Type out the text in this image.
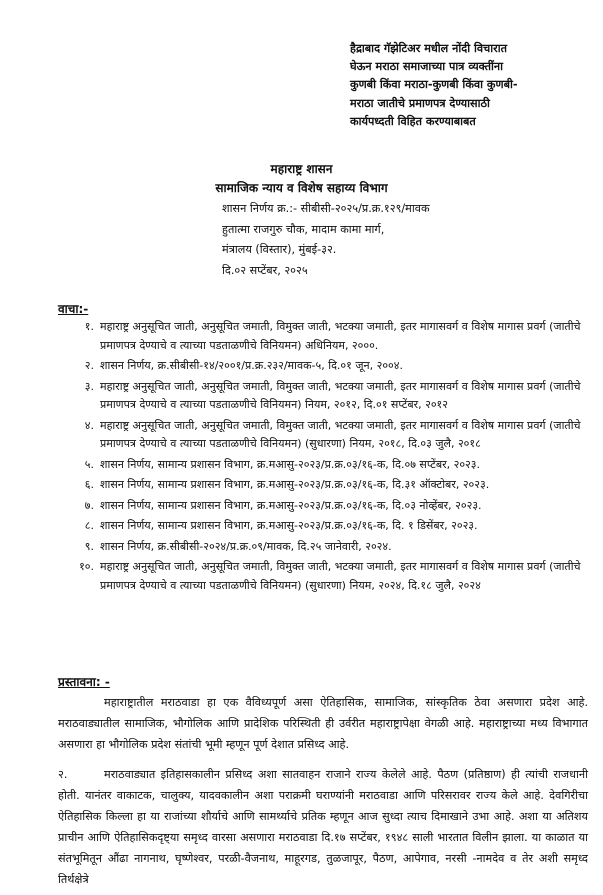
हैद्राबाद गॅझेटिअर मधील नोंदी विचारात
घेऊन मराठा समाजाच्या पात्र व्यक्तींना
कुणबी किंवा मराठा-कुणबी किंवा कुणबी-
मराठा जातीचे प्रमाणपत्र देण्यासाठी
कार्यपध्दती विहित करण्याबाबत
महाराष्ट्र शासन
सामाजिक न्याय व विशेष सहाय्य विभाग
शासन निर्णय क्र.:- सीबीसी-२०२५/प्र.क्र.१२९/मावक
हुतात्मा राजगुरु चौक, मादाम कामा मार्ग,
मंत्रालय (विस्तार), मुंबई-३२.
दि.०२ सप्टेंबर, २०२५
वाचा:-
१. महाराष्ट्र अनुसूचित जाती, अनुसूचित जमाती, विमुक्त जाती, भटक्या जमाती, इतर मागासवर्ग व विशेष मागास प्रवर्ग (जातीचे प्रमाणपत्र देण्याचे व त्याच्या पडताळणीचे विनियमन) अधिनियम, २०००.
२. शासन निर्णय, क्र.सीबीसी-१४/२००१/प्र.क्र.२३२/मावक-५, दि.०१ जून, २००४.
३. महाराष्ट्र अनुसूचित जाती, अनुसूचित जमाती, विमुक्त जाती, भटक्या जमाती, इतर मागासवर्ग व विशेष मागास प्रवर्ग (जातीचे प्रमाणपत्र देण्याचे व त्याच्या पडताळणीचे विनियमन) नियम, २०१२, दि.०१ सप्टेंबर, २०१२
४. महाराष्ट्र अनुसूचित जाती, अनुसूचित जमाती, विमुक्त जाती, भटक्या जमाती, इतर मागासवर्ग व विशेष मागास प्रवर्ग (जातीचे प्रमाणपत्र देण्याचे व त्याच्या पडताळणीचे विनियमन) (सुधारणा) नियम, २०१८, दि.०३ जुलै, २०१८
५. शासन निर्णय, सामान्य प्रशासन विभाग, क्र.मआसु-२०२३/प्र.क्र.०३/१६-क, दि.०७ सप्टेंबर, २०२३.
६. शासन निर्णय, सामान्य प्रशासन विभाग, क्र.मआसु-२०२३/प्र.क्र.०३/१६-क, दि.३१ ऑक्टोबर, २०२३.
७. शासन निर्णय, सामान्य प्रशासन विभाग, क्र.मआसु-२०२३/प्र.क्र.०३/१६-क, दि.०३ नोव्हेंबर, २०२३.
८. शासन निर्णय, सामान्य प्रशासन विभाग, क्र.मआसु-२०२३/प्र.क्र.०३/१६-क, दि. १ डिसेंबर, २०२३.
९. शासन निर्णय, क्र.सीबीसी-२०२४/प्र.क्र.०९/मावक, दि.२५ जानेवारी, २०२४.
१०. महाराष्ट्र अनुसूचित जाती, अनुसूचित जमाती, विमुक्त जाती, भटक्या जमाती, इतर मागासवर्ग व विशेष मागास प्रवर्ग (जातीचे प्रमाणपत्र देण्याचे व त्याच्या पडताळणीचे विनियमन) (सुधारणा) नियम, २०२४, दि.१८ जुलै, २०२४
प्रस्तावना: -
महाराष्ट्रातील मराठवाडा हा एक वैविध्यपूर्ण असा ऐतिहासिक, सामाजिक, सांस्कृतिक ठेवा असणारा प्रदेश आहे. मराठवाड्यातील सामाजिक, भौगोलिक आणि प्रादेशिक परिस्थिती ही उर्वरीत महाराष्ट्रापेक्षा वेगळी आहे. महाराष्ट्राच्या मध्य विभागात असणारा हा भौगोलिक प्रदेश संतांची भूमी म्हणून पूर्ण देशात प्रसिध्द आहे.
२.	मराठवाड्यात इतिहासकालीन प्रसिध्द अशा सातवाहन राजाने राज्य केलेले आहे. पैठण (प्रतिष्ठाण) ही त्यांची राजधानी होती. यानंतर वाकाटक, चालुक्य, यादवकालीन अशा पराक्रमी घराण्यांनी मराठवाडा आणि परिसरावर राज्य केले आहे. देवगिरीचा ऐतिहासिक किल्ला हा या राजांच्या शौर्याचे आणि सामर्थ्याचे प्रतिक म्हणून आज सुध्दा त्याच दिमाखाने उभा आहे. अशा या अतिशय प्राचीन आणि ऐतिहासिकदृष्ट्या समृध्द वारसा असणारा मराठवाडा दि.१७ सप्टेंबर, १९४८ साली भारतात विलीन झाला. या काळात या संतभूमितून औंढा नागनाथ, घृष्णेश्वर, परळी-वैजनाथ, माहूरगड, तुळजापूर, पैठण, आपेगाव, नरसी -नामदेव व तेर अशी समृध्द तिर्थक्षेत्रे
